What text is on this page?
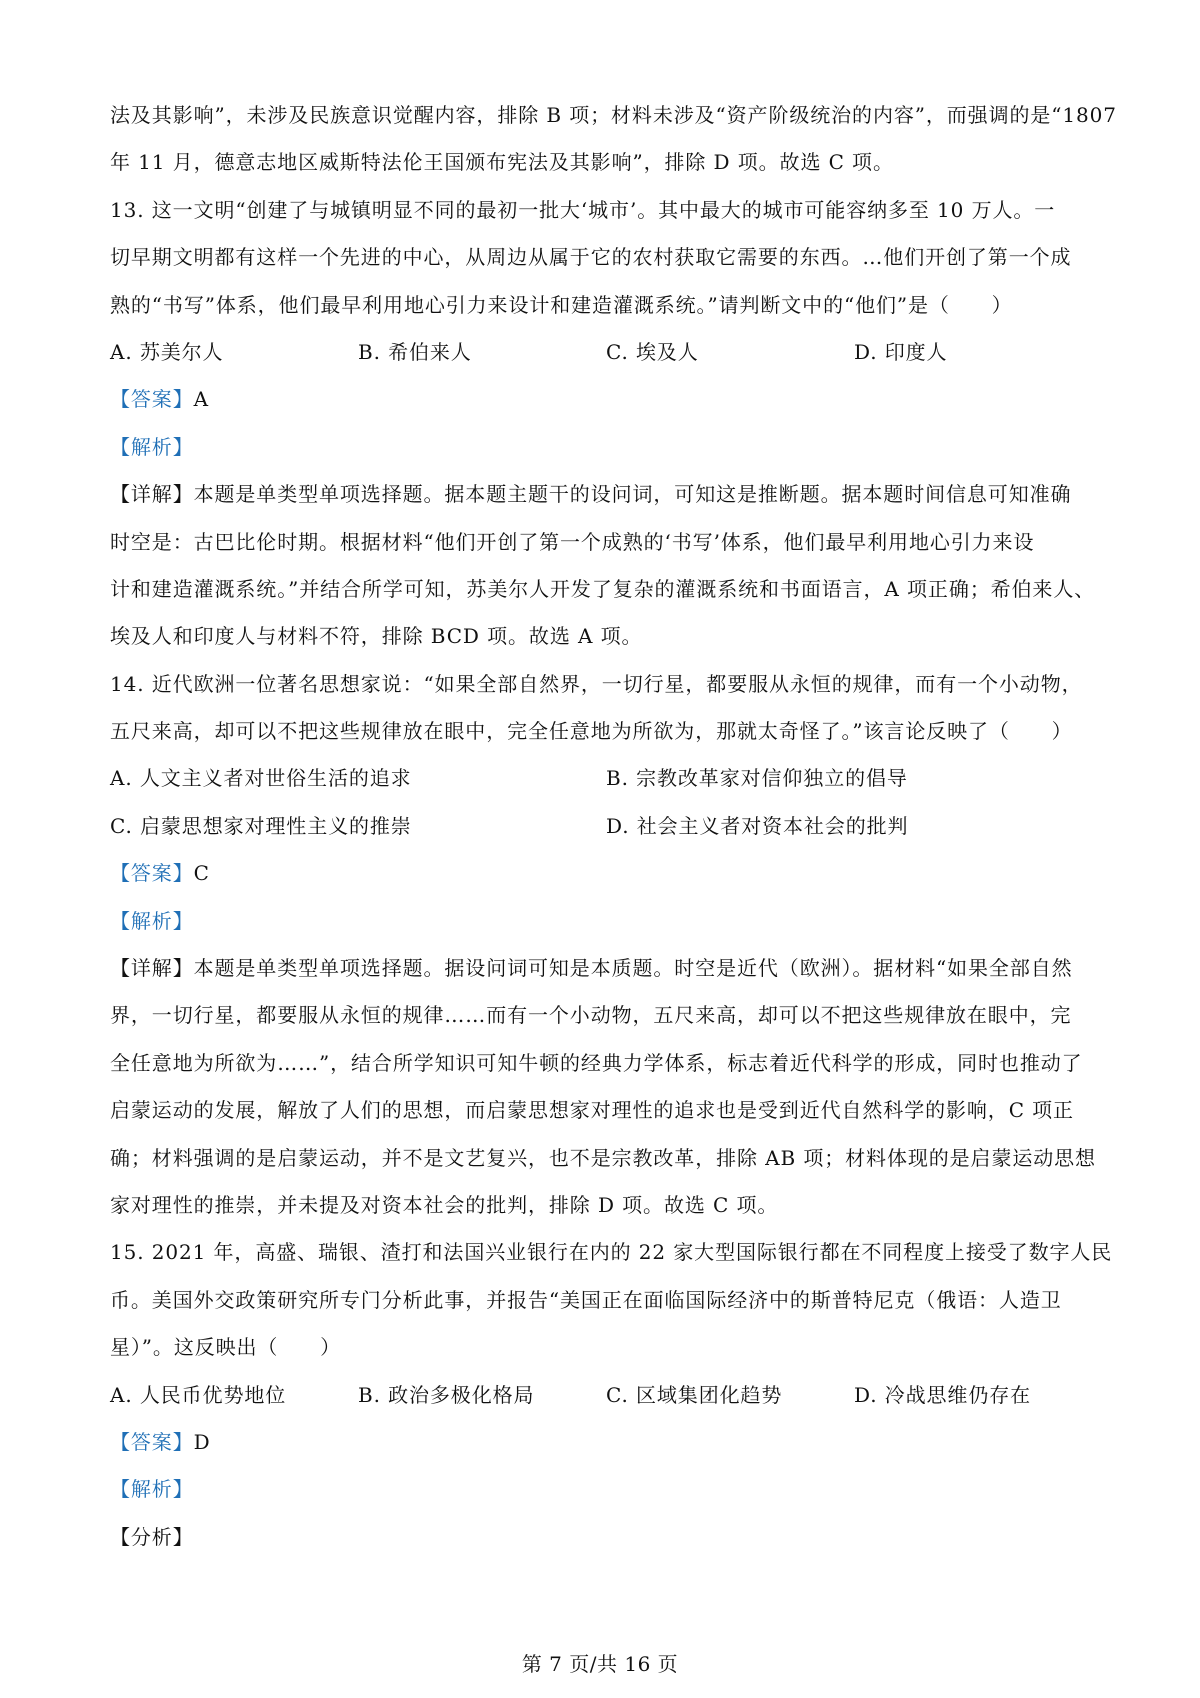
法及其影响”，未涉及民族意识觉醒内容，排除 B 项；材料未涉及“资产阶级统治的内容”，而强调的是“1807
年 11 月，德意志地区威斯特法伦王国颁布宪法及其影响”，排除 D 项。故选 C 项。
13. 这一文明“创建了与城镇明显不同的最初一批大‘城市’。其中最大的城市可能容纳多至 10 万人。一
切早期文明都有这样一个先进的中心，从周边从属于它的农村获取它需要的东西。…他们开创了第一个成
熟的“书写”体系，他们最早利用地心引力来设计和建造灌溉系统。”请判断文中的“他们”是（　　）
A. 苏美尔人	B. 希伯来人	C. 埃及人	D. 印度人
【答案】A
【解析】
【详解】本题是单类型单项选择题。据本题主题干的设问词，可知这是推断题。据本题时间信息可知准确
时空是：古巴比伦时期。根据材料“他们开创了第一个成熟的‘书写’体系，他们最早利用地心引力来设
计和建造灌溉系统。”并结合所学可知，苏美尔人开发了复杂的灌溉系统和书面语言，A 项正确；希伯来人、
埃及人和印度人与材料不符，排除 BCD 项。故选 A 项。
14. 近代欧洲一位著名思想家说：“如果全部自然界，一切行星，都要服从永恒的规律，而有一个小动物，
五尺来高，却可以不把这些规律放在眼中，完全任意地为所欲为，那就太奇怪了。”该言论反映了（　　）
A. 人文主义者对世俗生活的追求	B. 宗教改革家对信仰独立的倡导
C. 启蒙思想家对理性主义的推崇	D. 社会主义者对资本社会的批判
【答案】C
【解析】
【详解】本题是单类型单项选择题。据设问词可知是本质题。时空是近代（欧洲）。据材料“如果全部自然
界，一切行星，都要服从永恒的规律……而有一个小动物，五尺来高，却可以不把这些规律放在眼中，完
全任意地为所欲为……”，结合所学知识可知牛顿的经典力学体系，标志着近代科学的形成，同时也推动了
启蒙运动的发展，解放了人们的思想，而启蒙思想家对理性的追求也是受到近代自然科学的影响，C 项正
确；材料强调的是启蒙运动，并不是文艺复兴，也不是宗教改革，排除 AB 项；材料体现的是启蒙运动思想
家对理性的推崇，并未提及对资本社会的批判，排除 D 项。故选 C 项。
15. 2021 年，高盛、瑞银、渣打和法国兴业银行在内的 22 家大型国际银行都在不同程度上接受了数字人民
币。美国外交政策研究所专门分析此事，并报告“美国正在面临国际经济中的斯普特尼克（俄语：人造卫
星）”。这反映出（　　）
A. 人民币优势地位	B. 政治多极化格局	C. 区域集团化趋势	D. 冷战思维仍存在
【答案】D
【解析】
【分析】
第 7 页/共 16 页
